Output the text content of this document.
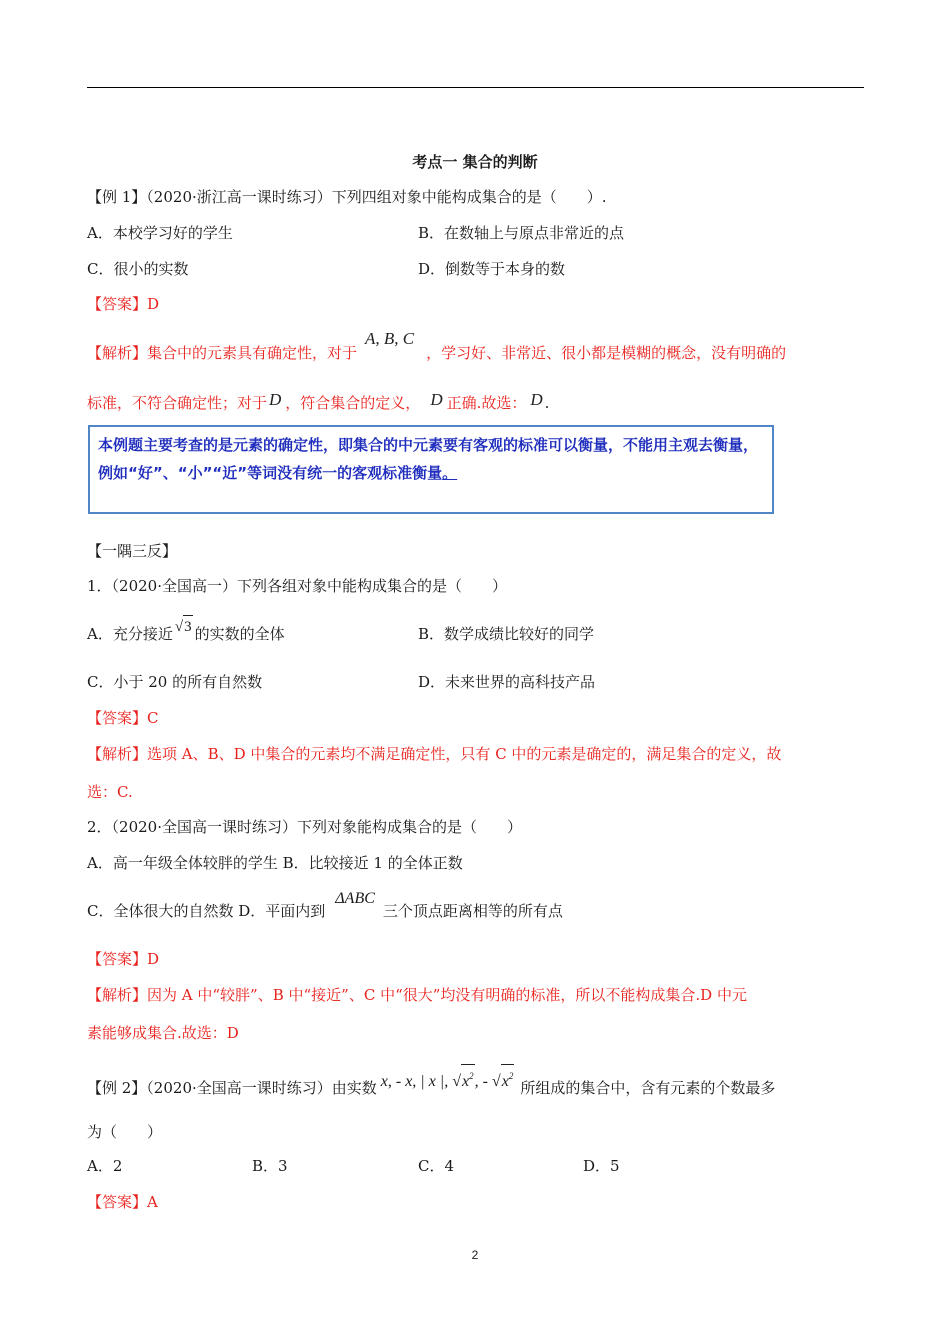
考点一 集合的判断
【例 1】（2020·浙江高一课时练习）下列四组对象中能构成集合的是（　　）.
A．本校学习好的学生	B．在数轴上与原点非常近的点
C．很小的实数	D．倒数等于本身的数
【答案】D
【解析】集合中的元素具有确定性，对于A, B, C，学习好、非常近、很小都是模糊的概念，没有明确的
标准，不符合确定性；对于 D ，符合集合的定义， D 正确.故选： D .
本例题主要考查的是元素的确定性，即集合的中元素要有客观的标准可以衡量，不能用主观去衡量，例如“好”、“小”“近”等词没有统一的客观标准衡量。
【一隅三反】
1．（2020·全国高一）下列各组对象中能构成集合的是（　　）
A．充分接近 √3 的实数的全体	B．数学成绩比较好的同学
C．小于 20 的所有自然数	D．未来世界的高科技产品
【答案】C
【解析】选项 A、B、D 中集合的元素均不满足确定性，只有 C 中的元素是确定的，满足集合的定义，故
选：C.
2．（2020·全国高一课时练习）下列对象能构成集合的是（　　）
A．高一年级全体较胖的学生 B．比较接近 1 的全体正数
C．全体很大的自然数 D．平面内到ΔABC三个顶点距离相等的所有点
【答案】D
【解析】因为 A 中“较胖”、B 中“接近”、C 中“很大”均没有明确的标准，所以不能构成集合.D 中元
素能够成集合.故选：D
【例 2】（2020·全国高一课时练习）由实数 x, - x, | x |, $√x^2$, - $√x^2$所组成的集合中，含有元素的个数最多
为（　　）
A．2	B．3	C．4	D．5
【答案】A
2
